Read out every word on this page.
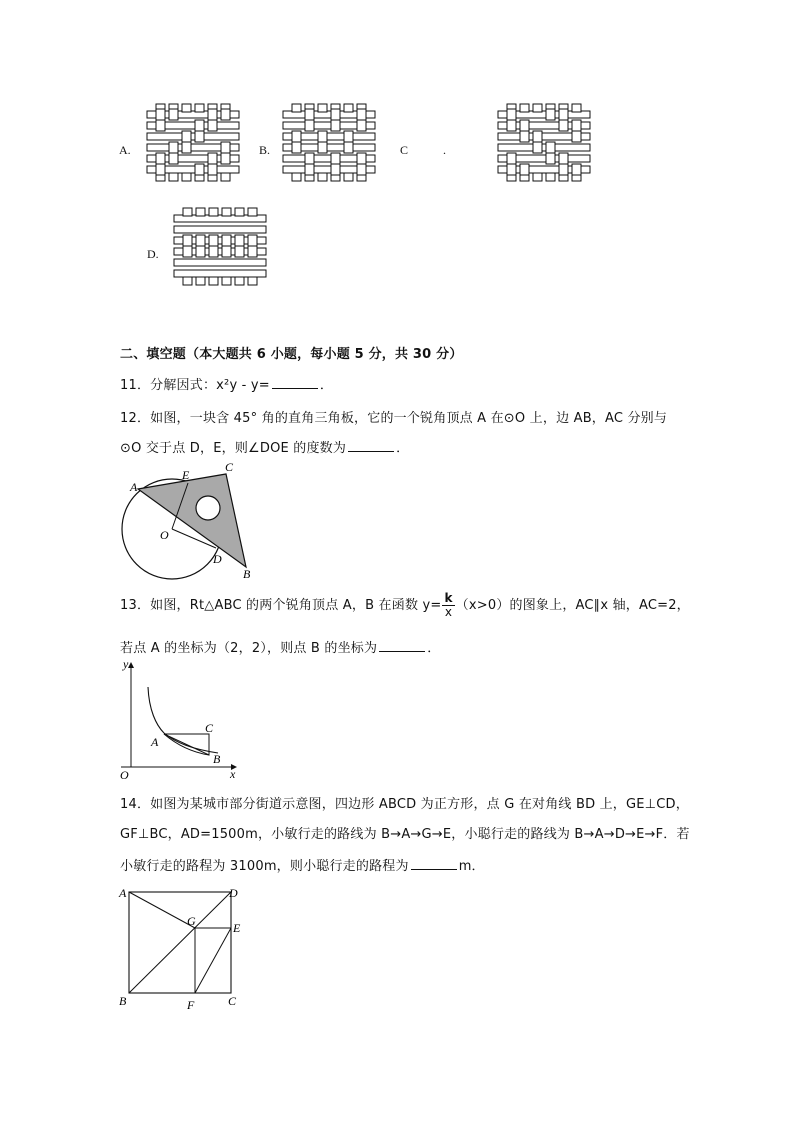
A.	B.	C	.
D.
二、填空题（本大题共 6 小题，每小题 5 分，共 30 分）
11．分解因式：x²y - y=	．
12．如图，一块含 45° 角的直角三角板，它的一个锐角顶点 A 在⊙O 上，边 AB，AC 分别与
⊙O 交于点 D，E，则∠DOE 的度数为	．
A
E
C
O
D
B
13．如图，Rt△ABC 的两个锐角顶点 A，B 在函数 $y= \frac{k}{x} (x>0)$的图象上，AC∥x 轴，AC=2，
若点 A 的坐标为（2，2），则点 B 的坐标为	．
y
x
O
A
C
B
14．如图为某城市部分街道示意图，四边形 ABCD 为正方形，点 G 在对角线 BD 上，GE⊥CD，
GF⊥BC，AD=1500m，小敏行走的路线为 B→A→G→E，小聪行走的路线为 B→A→D→E→F．若
小敏行走的路程为 3100m，则小聪行走的路程为	m．
A	D
G	E
B	F	C
